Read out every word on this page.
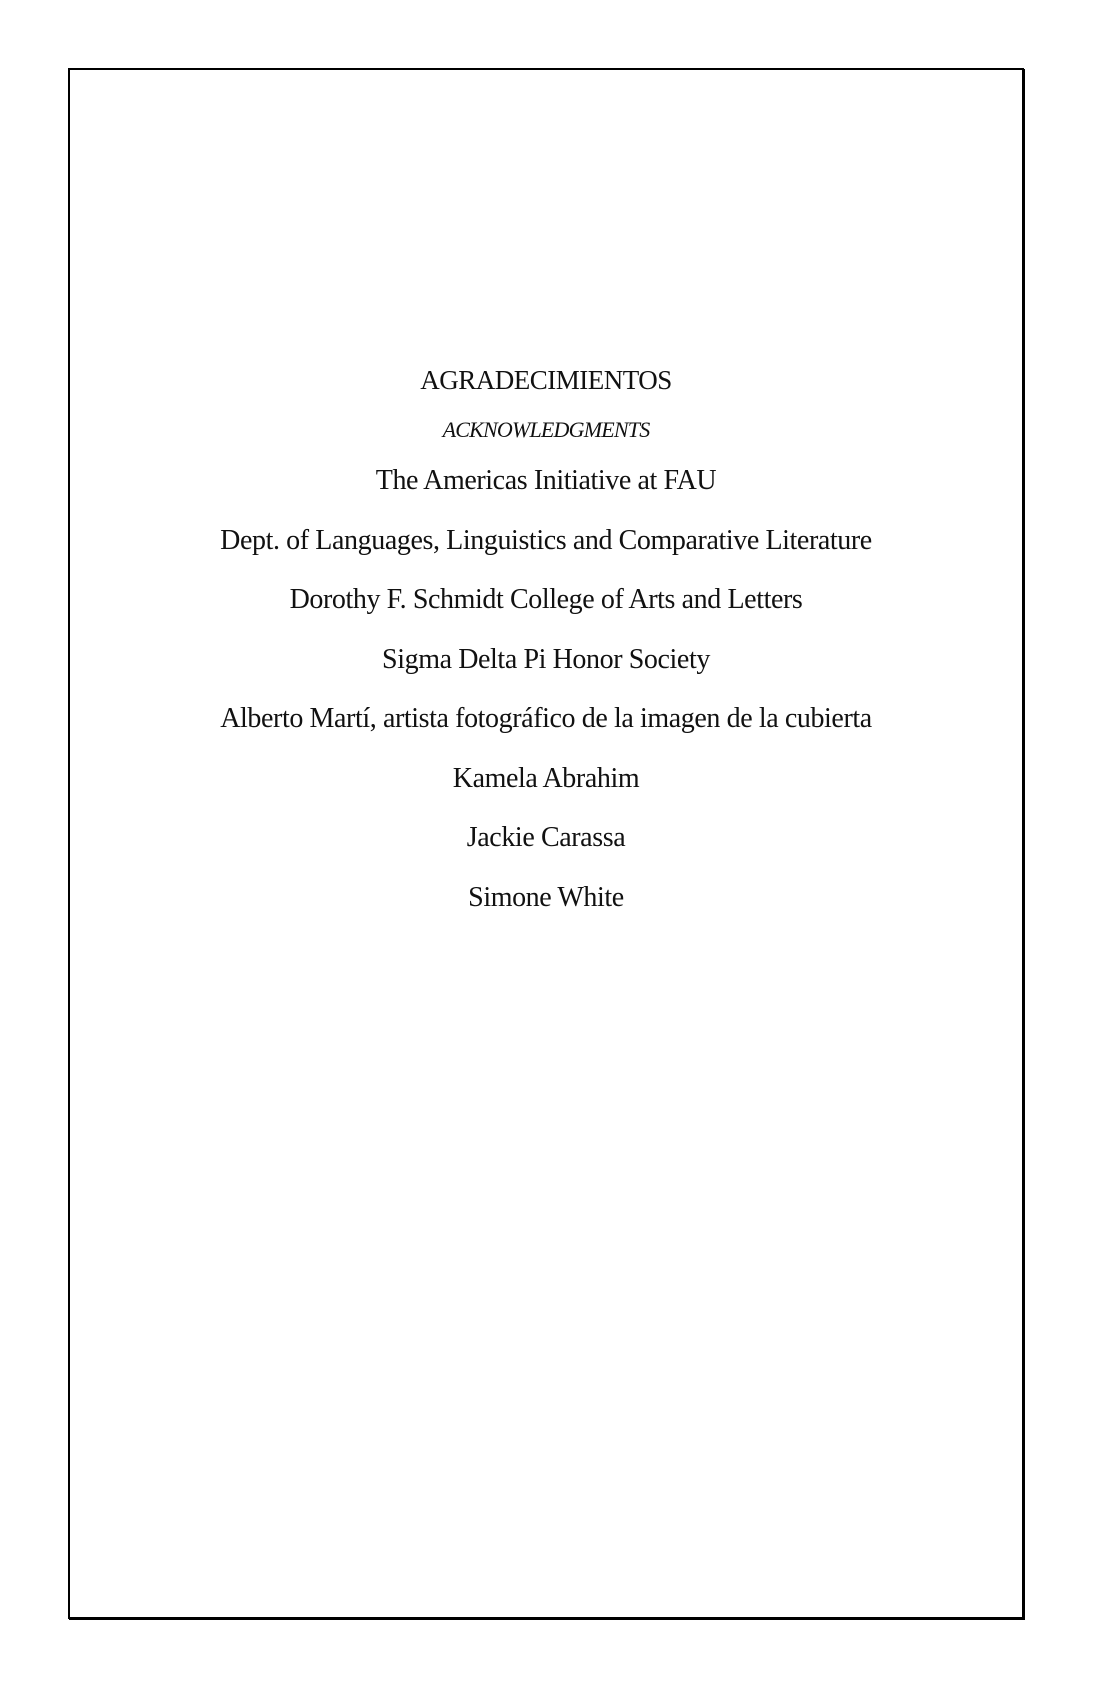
AGRADECIMIENTOS
ACKNOWLEDGMENTS
The Americas Initiative at FAU
Dept. of Languages, Linguistics and Comparative Literature
Dorothy F. Schmidt College of Arts and Letters
Sigma Delta Pi Honor Society
Alberto Martí, artista fotográfico de la imagen de la cubierta
Kamela Abrahim
Jackie Carassa
Simone White
